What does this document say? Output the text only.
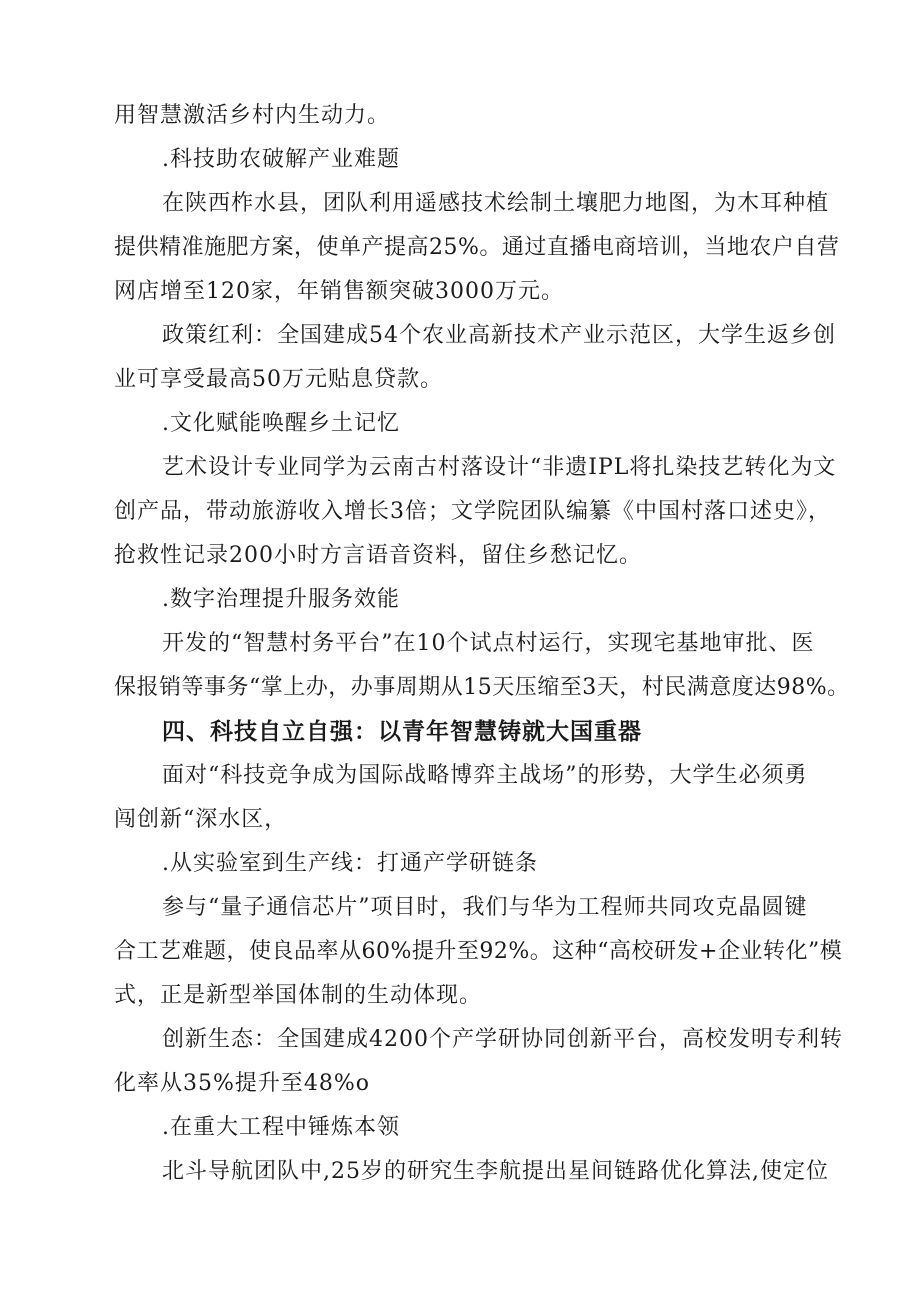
用智慧激活乡村内生动力。
.科技助农破解产业难题
在陕西柞水县，团队利用遥感技术绘制土壤肥力地图，为木耳种植
提供精准施肥方案，使单产提高25%。通过直播电商培训，当地农户自营
网店增至120家，年销售额突破3000万元。
政策红利：全国建成54个农业高新技术产业示范区，大学生返乡创
业可享受最高50万元贴息贷款。
.文化赋能唤醒乡土记忆
艺术设计专业同学为云南古村落设计“非遗IPL将扎染技艺转化为文
创产品，带动旅游收入增长3倍；文学院团队编纂《中国村落口述史》，
抢救性记录200小时方言语音资料，留住乡愁记忆。
.数字治理提升服务效能
开发的“智慧村务平台”在10个试点村运行，实现宅基地审批、医
保报销等事务“掌上办，办事周期从15天压缩至3天，村民满意度达98%。
四、科技自立自强：以青年智慧铸就大国重器
面对“科技竞争成为国际战略博弈主战场”的形势，大学生必须勇
闯创新“深水区，
.从实验室到生产线：打通产学研链条
参与“量子通信芯片”项目时，我们与华为工程师共同攻克晶圆键
合工艺难题，使良品率从60%提升至92%。这种“高校研发+企业转化”模
式，正是新型举国体制的生动体现。
创新生态：全国建成4200个产学研协同创新平台，高校发明专利转
化率从35%提升至48%o
.在重大工程中锤炼本领
北斗导航团队中,25岁的研究生李航提出星间链路优化算法,使定位
